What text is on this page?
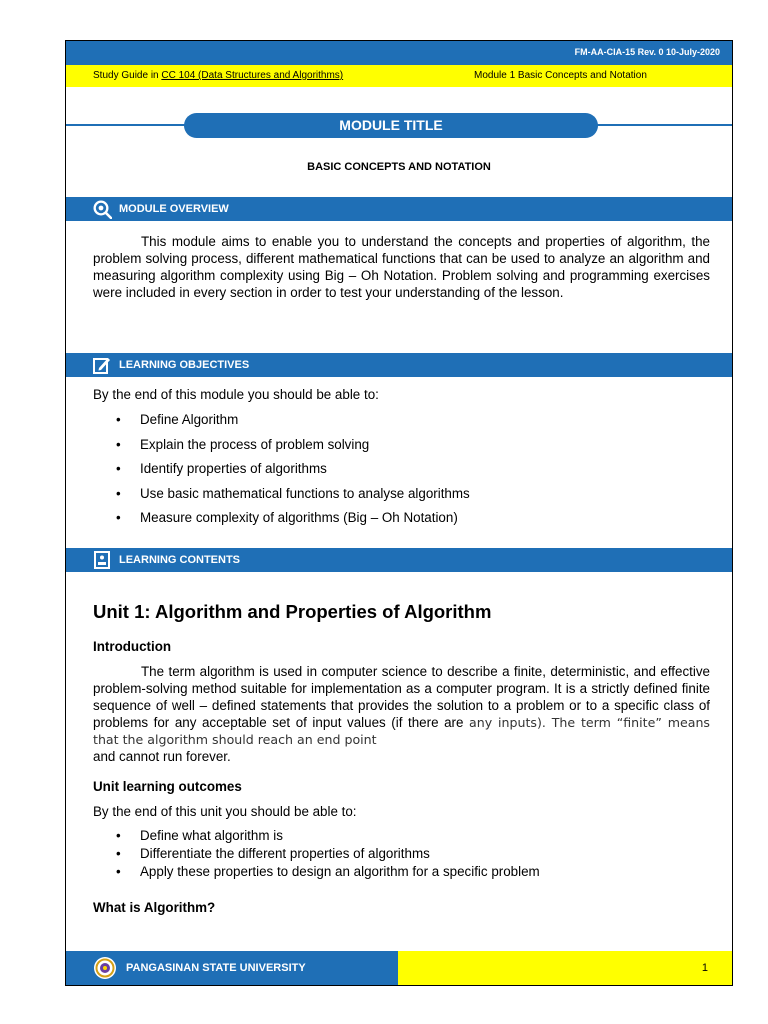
FM-AA-CIA-15 Rev. 0 10-July-2020
Study Guide in CC 104 (Data Structures and Algorithms)	Module 1 Basic Concepts and Notation
MODULE TITLE
BASIC CONCEPTS AND NOTATION
MODULE OVERVIEW

This module aims to enable you to understand the concepts and properties of algorithm, the problem solving process, different mathematical functions that can be used to analyze an algorithm and measuring algorithm complexity using Big – Oh Notation. Problem solving and programming exercises were included in every section in order to test your understanding of the lesson.

LEARNING OBJECTIVES
By the end of this module you should be able to:
• Define Algorithm
• Explain the process of problem solving
• Identify properties of algorithms
• Use basic mathematical functions to analyse algorithms
• Measure complexity of algorithms (Big – Oh Notation)
LEARNING CONTENTS
Unit 1: Algorithm and Properties of Algorithm
Introduction

The term algorithm is used in computer science to describe a finite, deterministic, and effective problem-solving method suitable for implementation as a computer program. It is a strictly defined finite sequence of well – defined statements that provides the solution to a problem or to a specific class of problems for any acceptable set of input values (if there are any inputs). The term “finite” means that the algorithm should reach an end point
and cannot run forever.

Unit learning outcomes
By the end of this unit you should be able to:
• Define what algorithm is
• Differentiate the different properties of algorithms
• Apply these properties to design an algorithm for a specific problem
What is Algorithm?
PANGASINAN STATE UNIVERSITY	1
